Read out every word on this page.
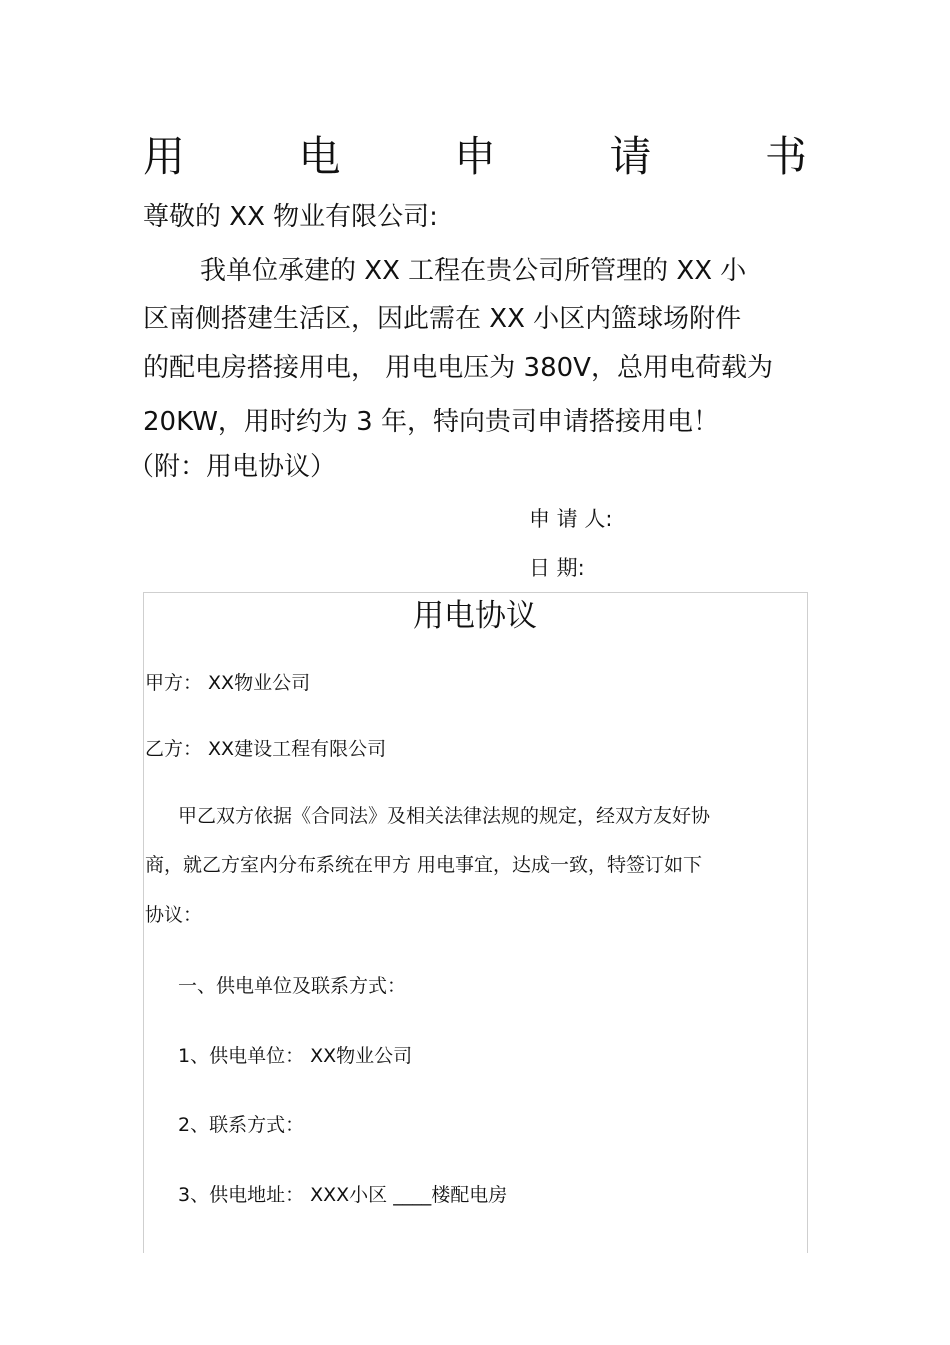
用	电	申	请	书
尊敬的 XX 物业有限公司:
我单位承建的 XX 工程在贵公司所管理的 XX 小
区南侧搭建生活区，因此需在 XX 小区内篮球场附件
的配电房搭接用电， 用电电压为 380V，总用电荷载为
20KW，用时约为 3 年，特向贵司申请搭接用电！
（附：用电协议）
申 请 人:
日 期:
用电协议
甲方： XX物业公司
乙方： XX建设工程有限公司
甲乙双方依据《合同法》及相关法律法规的规定，经双方友好协
商，就乙方室内分布系统在甲方 用电事宜，达成一致，特签订如下
协议：
一、供电单位及联系方式：
1、供电单位： XX物业公司
2、联系方式：
3、供电地址： XXX小区 ____楼配电房
